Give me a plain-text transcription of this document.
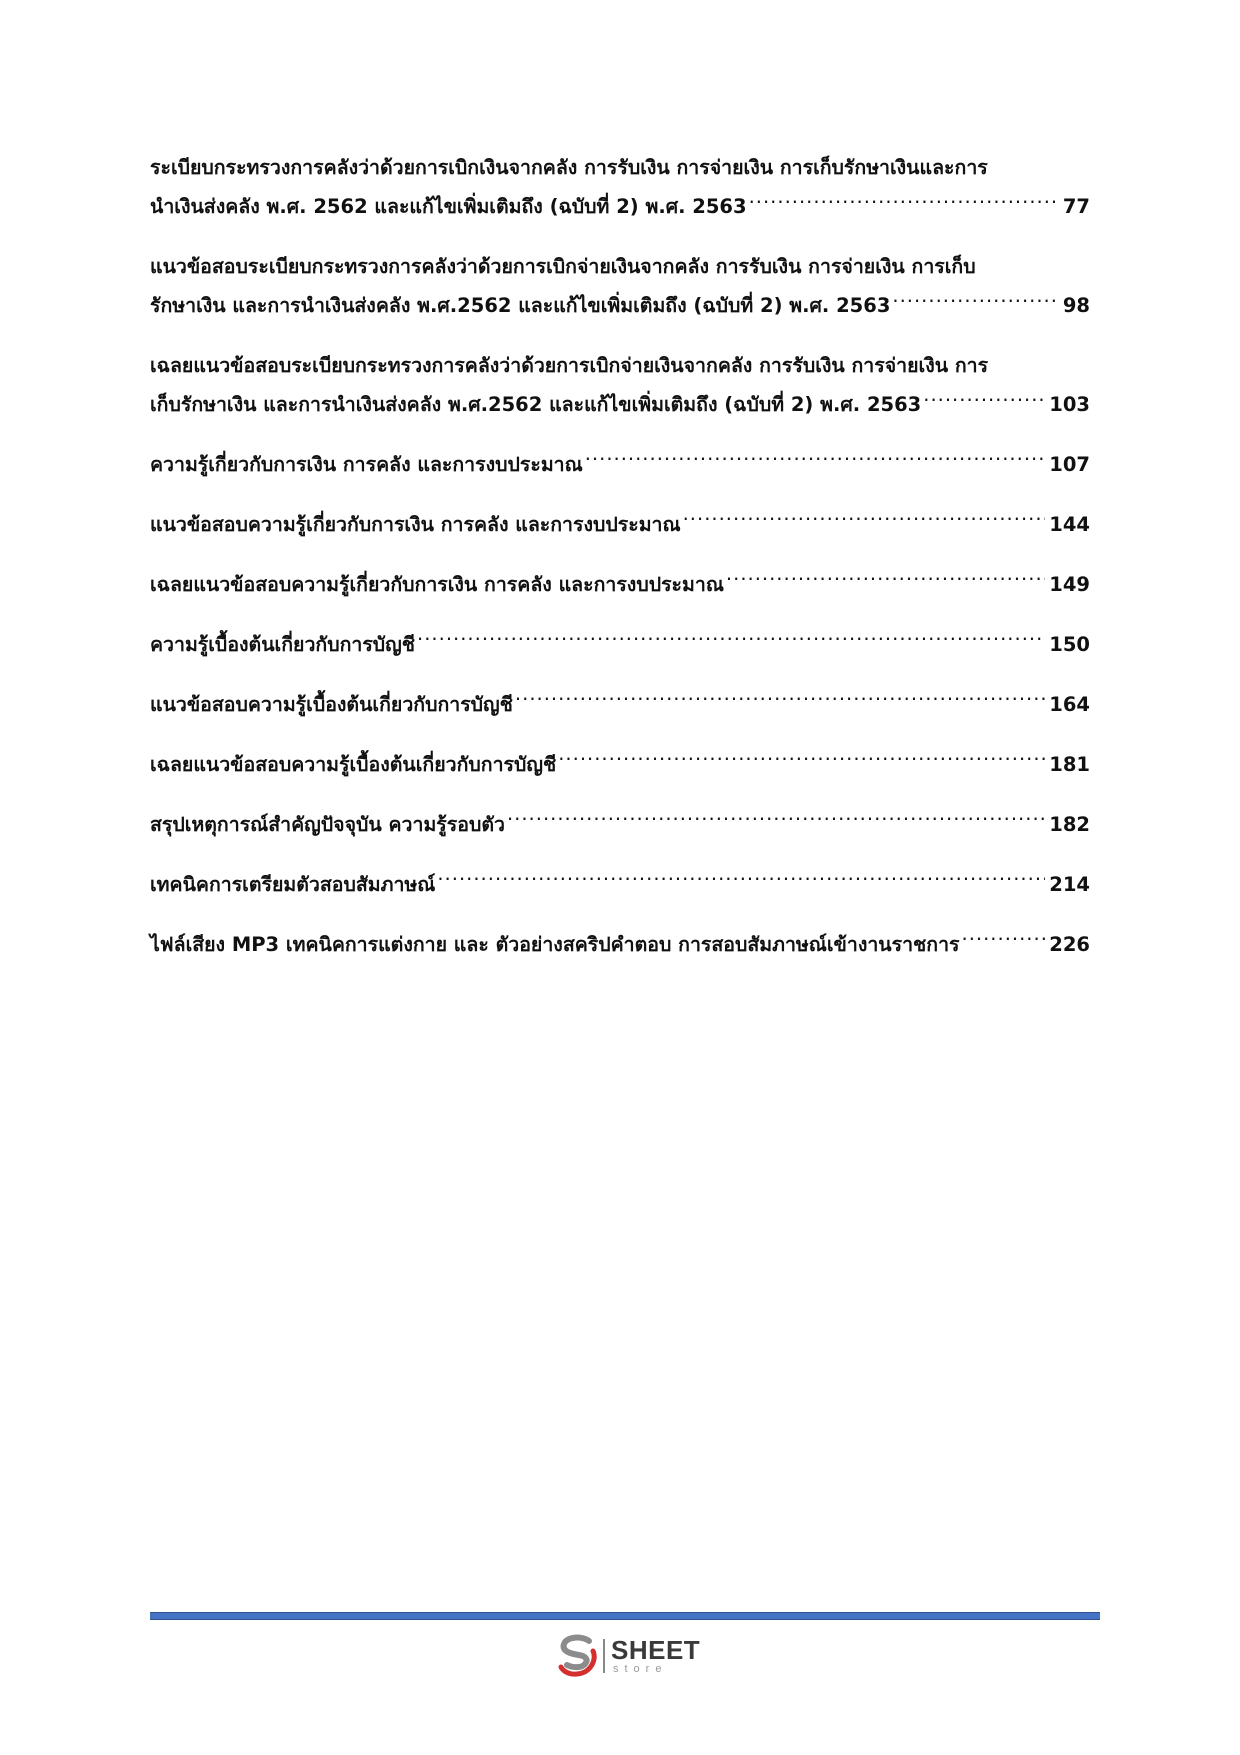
ระเบียบกระทรวงการคลังว่าด้วยการเบิกเงินจากคลัง การรับเงิน การจ่ายเงิน การเก็บรักษาเงินและการ
นำเงินส่งคลัง พ.ศ. 2562 และแก้ไขเพิ่มเติมถึง (ฉบับที่ 2) พ.ศ. 2563 .....	77
แนวข้อสอบระเบียบกระทรวงการคลังว่าด้วยการเบิกจ่ายเงินจากคลัง การรับเงิน การจ่ายเงิน การเก็บ
รักษาเงิน และการนำเงินส่งคลัง พ.ศ.2562 และแก้ไขเพิ่มเติมถึง (ฉบับที่ 2) พ.ศ. 2563 .....	98
เฉลยแนวข้อสอบระเบียบกระทรวงการคลังว่าด้วยการเบิกจ่ายเงินจากคลัง การรับเงิน การจ่ายเงิน การ
เก็บรักษาเงิน และการนำเงินส่งคลัง พ.ศ.2562 และแก้ไขเพิ่มเติมถึง (ฉบับที่ 2) พ.ศ. 2563 .....	103
ความรู้เกี่ยวกับการเงิน การคลัง และการงบประมาณ .....	107
แนวข้อสอบความรู้เกี่ยวกับการเงิน การคลัง และการงบประมาณ .....	144
เฉลยแนวข้อสอบความรู้เกี่ยวกับการเงิน การคลัง และการงบประมาณ .....	149
ความรู้เบื้องต้นเกี่ยวกับการบัญชี .....	150
แนวข้อสอบความรู้เบื้องต้นเกี่ยวกับการบัญชี .....	164
เฉลยแนวข้อสอบความรู้เบื้องต้นเกี่ยวกับการบัญชี .....	181
สรุปเหตุการณ์สำคัญปัจจุบัน ความรู้รอบตัว .....	182
เทคนิคการเตรียมตัวสอบสัมภาษณ์ .....	214
ไฟล์เสียง MP3 เทคนิคการแต่งกาย และ ตัวอย่างสคริปคำตอบ การสอบสัมภาษณ์เข้างานราชการ .....	226
SHEET
store
